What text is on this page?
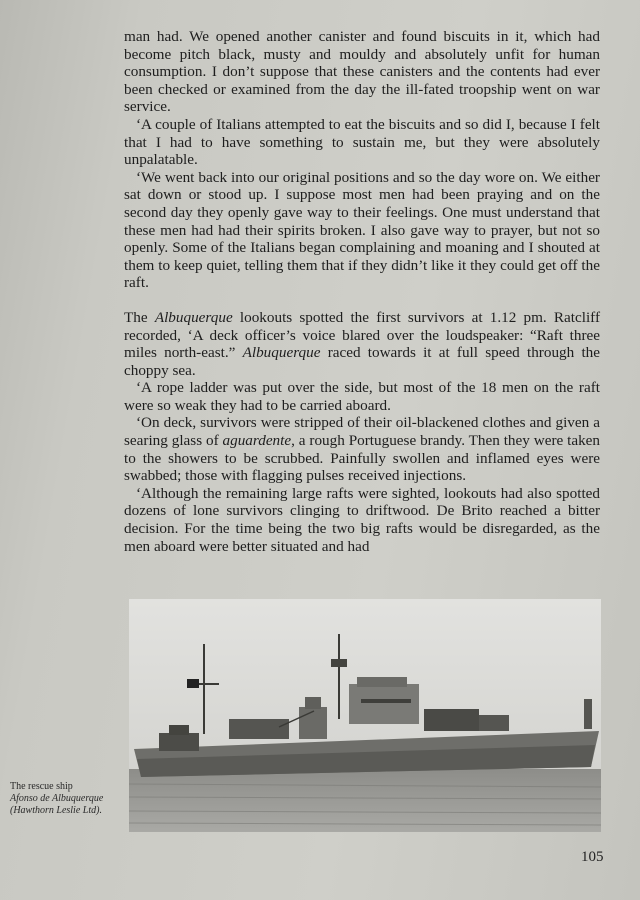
man had. We opened another canister and found biscuits in it, which had become pitch black, musty and mouldy and absolutely unfit for human consumption. I don’t suppose that these canisters and the contents had ever been checked or examined from the day the ill-fated troopship went on war service.

‘A couple of Italians attempted to eat the biscuits and so did I, because I felt that I had to have something to sustain me, but they were absolutely unpalatable.

‘We went back into our original positions and so the day wore on. We either sat down or stood up. I suppose most men had been praying and on the second day they openly gave way to their feelings. One must understand that these men had had their spirits broken. I also gave way to prayer, but not so openly. Some of the Italians began complaining and moaning and I shouted at them to keep quiet, telling them that if they didn’t like it they could get off the raft.

The Albuquerque lookouts spotted the first survivors at 1.12 pm. Ratcliff recorded, ‘A deck officer’s voice blared over the loudspeaker: “Raft three miles north-east.” Albuquerque raced towards it at full speed through the choppy sea.

‘A rope ladder was put over the side, but most of the 18 men on the raft were so weak they had to be carried aboard.

‘On deck, survivors were stripped of their oil-blackened clothes and given a searing glass of aguardente, a rough Portuguese brandy. Then they were taken to the showers to be scrubbed. Painfully swollen and inflamed eyes were swabbed; those with flagging pulses received injections.

‘Although the remaining large rafts were sighted, lookouts had also spotted dozens of lone survivors clinging to driftwood. De Brito reached a bitter decision. For the time being the two big rafts would be disregarded, as the men aboard were better situated and had

The rescue ship
Afonso de Albuquerque
(Hawthorn Leslie Ltd).
105
